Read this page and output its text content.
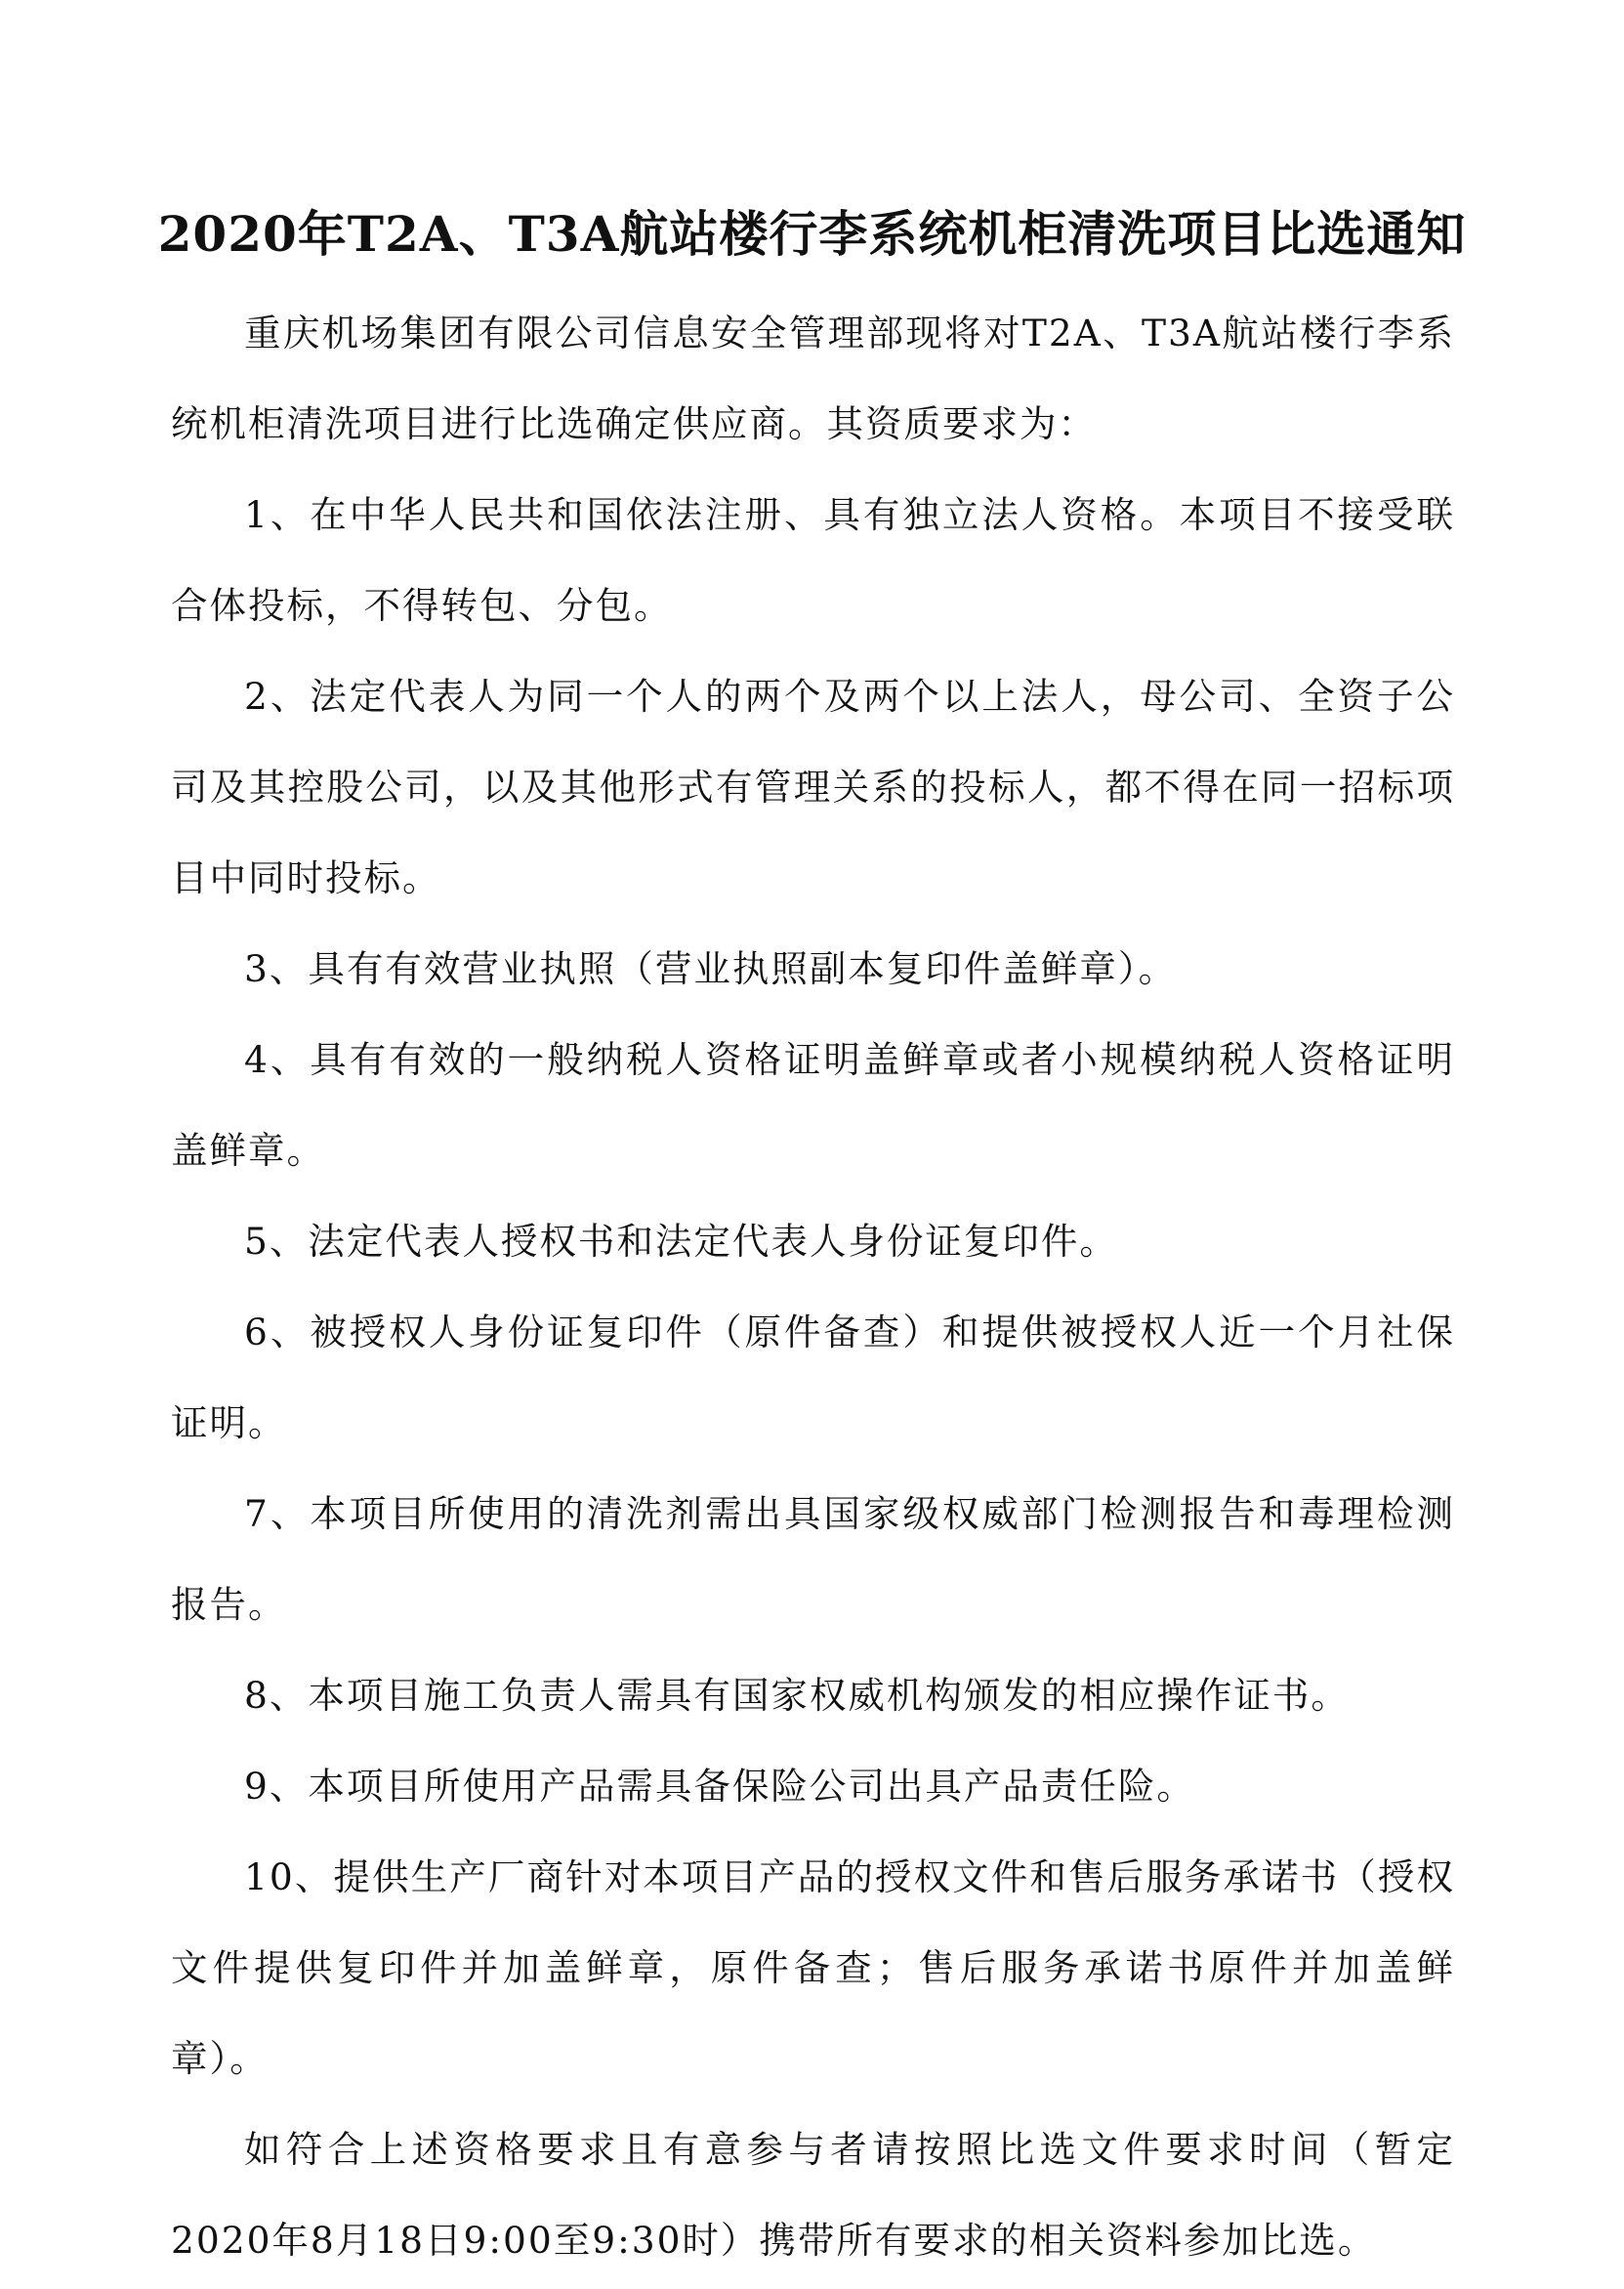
2020年T2A、T3A航站楼行李系统机柜清洗项目比选通知

重庆机场集团有限公司信息安全管理部现将对T2A、T3A航站楼行李系统机柜清洗项目进行比选确定供应商。其资质要求为：

1、在中华人民共和国依法注册、具有独立法人资格。本项目不接受联合体投标，不得转包、分包。

2、法定代表人为同一个人的两个及两个以上法人，母公司、全资子公司及其控股公司，以及其他形式有管理关系的投标人，都不得在同一招标项目中同时投标。

3、具有有效营业执照（营业执照副本复印件盖鲜章）。

4、具有有效的一般纳税人资格证明盖鲜章或者小规模纳税人资格证明盖鲜章。

5、法定代表人授权书和法定代表人身份证复印件。

6、被授权人身份证复印件（原件备查）和提供被授权人近一个月社保证明。

7、本项目所使用的清洗剂需出具国家级权威部门检测报告和毒理检测报告。

8、本项目施工负责人需具有国家权威机构颁发的相应操作证书。

9、本项目所使用产品需具备保险公司出具产品责任险。

10、提供生产厂商针对本项目产品的授权文件和售后服务承诺书（授权文件提供复印件并加盖鲜章，原件备查；售后服务承诺书原件并加盖鲜章）。

如符合上述资格要求且有意参与者请按照比选文件要求时间（暂定2020年8月18日9:00至9:30时）携带所有要求的相关资料参加比选。
